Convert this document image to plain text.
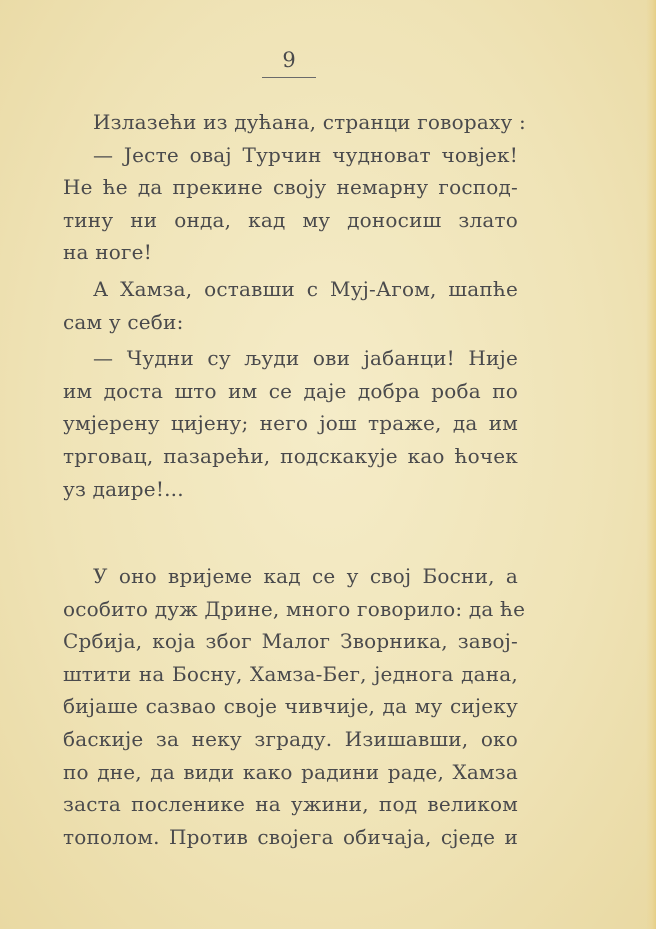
9
Излазећи из дућана, странци говораху :
— Јесте овај Турчин чудноват човјек!
Не ће да прекине своју немарну господ-
тину ни онда, кад му доносиш злато
на ноге!
А Хамза, оставши с Муј-Агом, шапће
сам у себи:
— Чудни су људи ови јабанци! Није
им доста што им се даје добра роба по
умјерену цијену; него још траже, да им
трговац, пазарећи, подскакује као ћочек
уз даире!...
У оно вријеме кад се у свој Босни, а
особито дуж Дрине, много говорило: да ће
Србија, која због Малог Зворника, завој-
штити на Босну, Хамза-Бег, једнога дана,
бијаше сазвао своје чивчије, да му сијеку
баскије за неку зграду. Изишавши, око
по дне, да види како радини раде, Хамза
заста посленике на ужини, под великом
тополом. Против својега обичаја, сједе и
